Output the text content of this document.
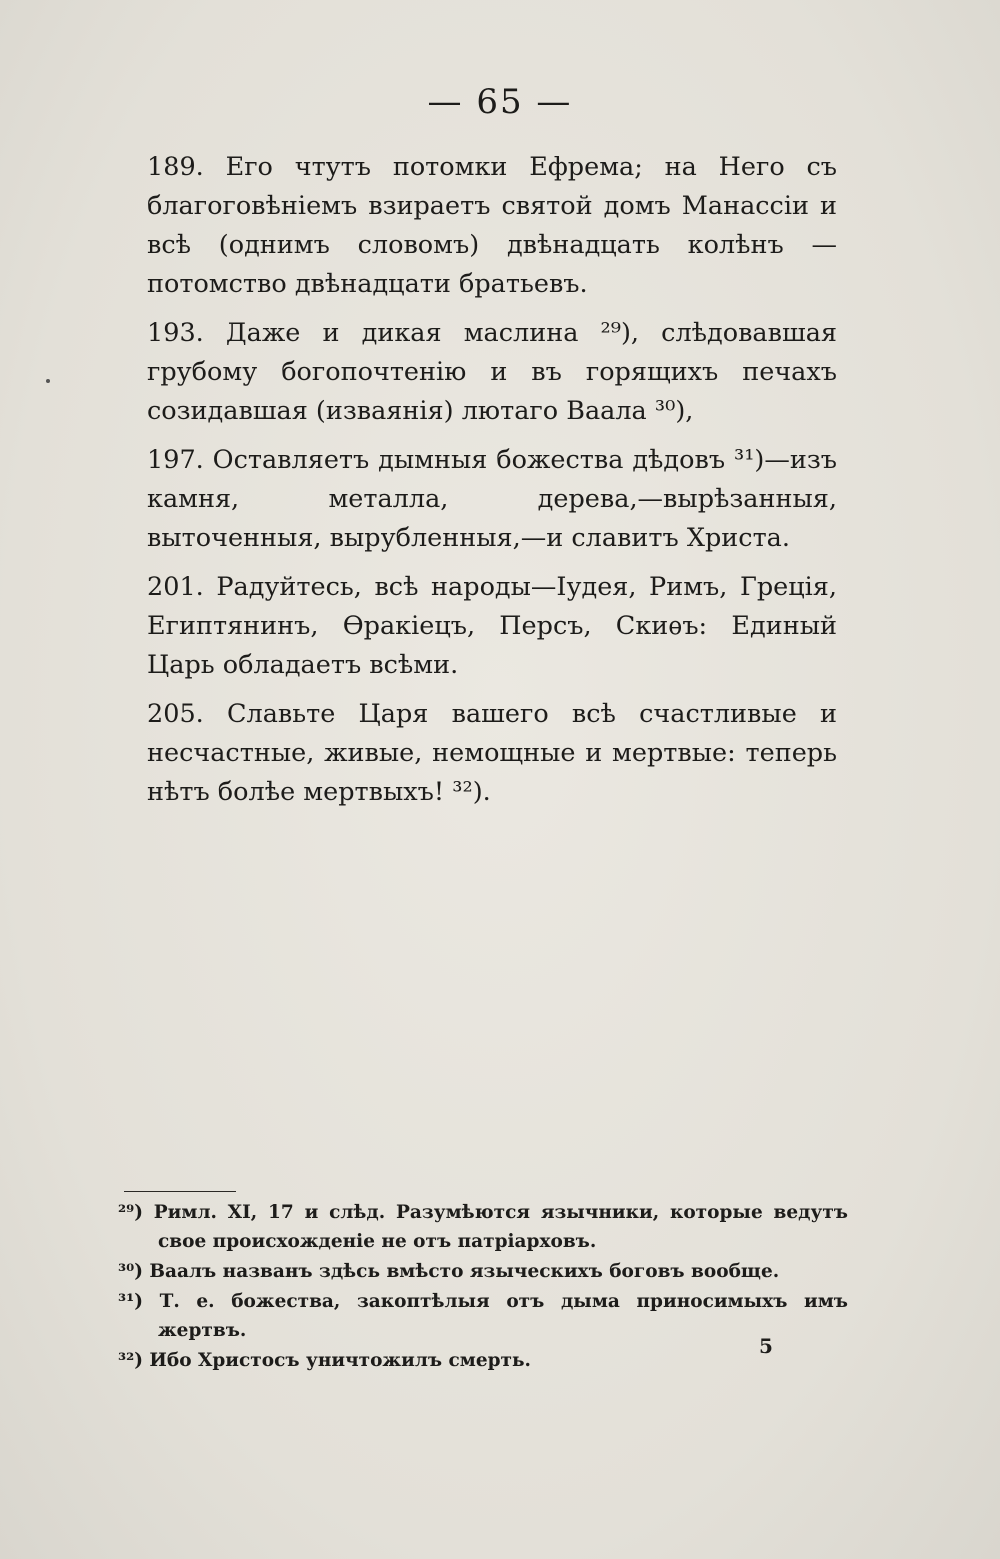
— 65 —

189. Его чтутъ потомки Ефрема; на Него съ благоговѣніемъ взираетъ святой домъ Манассіи и всѣ (однимъ словомъ) двѣнадцать колѣнъ — потомство двѣнадцати братьевъ.

193. Даже и дикая маслина ²⁹), слѣдовавшая грубому богопочтенію и въ горящихъ печахъ созидавшая (изваянія) лютаго Ваала ³⁰),

197. Оставляетъ дымныя божества дѣдовъ ³¹)—изъ камня, металла, дерева,—вырѣзанныя, выточенныя, вырубленныя,—и славитъ Христа.

201. Радуйтесь, всѣ народы—Іудея, Римъ, Греція, Египтянинъ, Ѳракіецъ, Персъ, Скиѳъ: Единый Царь обладаетъ всѣми.

205. Славьте Царя вашего всѣ счастливые и несчастные, живые, немощные и мертвые: теперь нѣтъ болѣе мертвыхъ! ³²).

²⁹) Римл. XI, 17 и слѣд. Разумѣются язычники, которые ведутъ свое происхожденіе не отъ патріарховъ.

³⁰) Ваалъ названъ здѣсь вмѣсто языческихъ боговъ вообще.

³¹) Т. е. божества, закоптѣлыя отъ дыма приносимыхъ имъ жертвъ.

³²) Ибо Христосъ уничтожилъ смерть.

5
